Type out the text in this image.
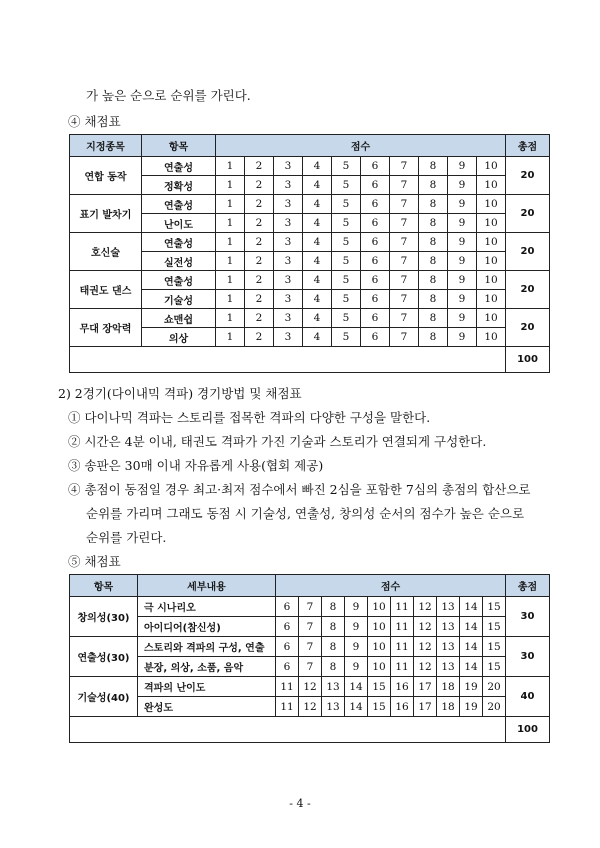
가 높은 순으로 순위를 가린다.
④ 채점표
지정종목	항목	점수										총점
연합 동작	연출성	1	2	3	4	5	6	7	8	9	10	20
	정확성	1	2	3	4	5	6	7	8	9	10	
표기 발차기	연출성	1	2	3	4	5	6	7	8	9	10	20
	난이도	1	2	3	4	5	6	7	8	9	10	
호신술	연출성	1	2	3	4	5	6	7	8	9	10	20
	실전성	1	2	3	4	5	6	7	8	9	10	
태권도 댄스	연출성	1	2	3	4	5	6	7	8	9	10	20
	기술성	1	2	3	4	5	6	7	8	9	10	
무대 장악력	쇼맨쉽	1	2	3	4	5	6	7	8	9	10	20
	의상	1	2	3	4	5	6	7	8	9	10	
												100
2) 2경기(다이내믹 격파) 경기방법 및 채점표
① 다이나믹 격파는 스토리를 접목한 격파의 다양한 구성을 말한다.
② 시간은 4분 이내, 태권도 격파가 가진 기술과 스토리가 연결되게 구성한다.
③ 송판은 30매 이내 자유롭게 사용(협회 제공)
④ 총점이 동점일 경우 최고·최저 점수에서 빠진 2심을 포함한 7심의 총점의 합산으로
순위를 가리며 그래도 동점 시 기술성, 연출성, 창의성 순서의 점수가 높은 순으로
순위를 가린다.
⑤ 채점표
항목	세부내용	점수										총점
창의성(30)	극 시나리오	6	7	8	9	10	11	12	13	14	15	30
	아이디어(참신성)	6	7	8	9	10	11	12	13	14	15	
연출성(30)	스토리와 격파의 구성, 연출	6	7	8	9	10	11	12	13	14	15	30
	분장, 의상, 소품, 음악	6	7	8	9	10	11	12	13	14	15	
기술성(40)	격파의 난이도	11	12	13	14	15	16	17	18	19	20	40
	완성도	11	12	13	14	15	16	17	18	19	20	
												100
- 4 -
